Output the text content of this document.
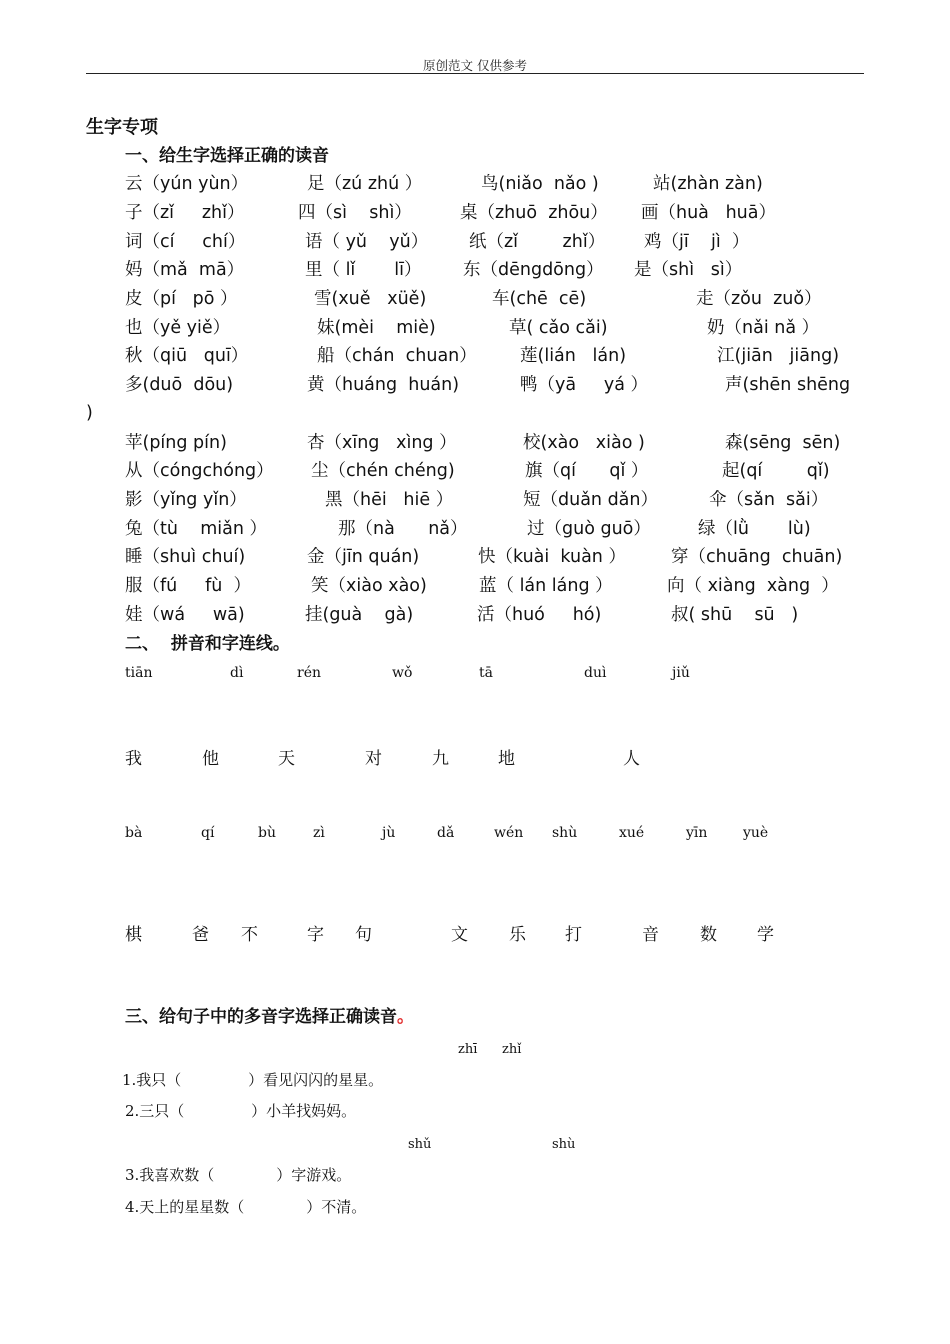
原创范文 仅供参考
生字专项
一、给生字选择正确的读音
云（yún yùn）	足（zú zhú ）	鸟(niǎo  nǎo )	站(zhàn zàn)
子（zǐ     zhǐ）	四（sì    shì）	桌（zhuō  zhōu） 画（huà   huā）
词（cí     chí）	语（ yǔ    yǔ） 纸（zǐ        zhǐ） 鸡（jī    jì  ）
妈（mǎ  mā）	里（ lǐ       lī） 东（dēngdōng） 是（shì   sì）
皮（pí   pō ）	雪(xuě   xüě)	车(chē  cē)	走（zǒu  zuǒ）
也（yě yiě）	妹(mèi    miè)	草( cǎo cǎi)	奶（nǎi nǎ ）
秋（qiū   quī）	船（chán  chuan） 莲(lián   lán)	江(jiān   jiāng)
多(duō  dōu)	黄（huáng  huán)	鸭（yā     yá ）	声(shēn shēng
苹(píng pín)	杏（xīng   xìng ）	校(xào   xiào )	森(sēng  sēn)
从（cóngchóng） 尘（chén chéng)	旗（qí      qǐ ）	起(qí        qǐ)
影（yǐng yǐn）	黑（hēi   hiē ）	短（duǎn dǎn）	伞（sǎn  sǎi）
兔（tù    miǎn ）	那（nà      nǎ）	过（guò guō）	绿（lǜ       lù)
睡（shuì chuí)	金（jīn quán)	快（kuài  kuàn ）	穿（chuāng  chuān)
服（fú     fù  ）	笑（xiào xào)	蓝（ lán láng ）	向（ xiàng  xàng  ）
娃（wá     wā)	挂(guà    gà)	活（huó     hó)	叔( shū    sū   )
)
二、  拼音和字连线。
tiān	dì	rén	wǒ	tā	duì	jiǔ
我	他	天	对	九	地	人
bà	qí	bù	zì	jù	dǎ	wén shù	xué	yīn	yuè
棋	爸 不	字 句	文 乐 打	音 数 学
三、给句子中的多音字选择正确读音。
zhī zhǐ
1.我只（              ）看见闪闪的星星。
2.三只（              ）小羊找妈妈。
shǔ	shù
3.我喜欢数（             ）字游戏。
4.天上的星星数（             ）不清。
